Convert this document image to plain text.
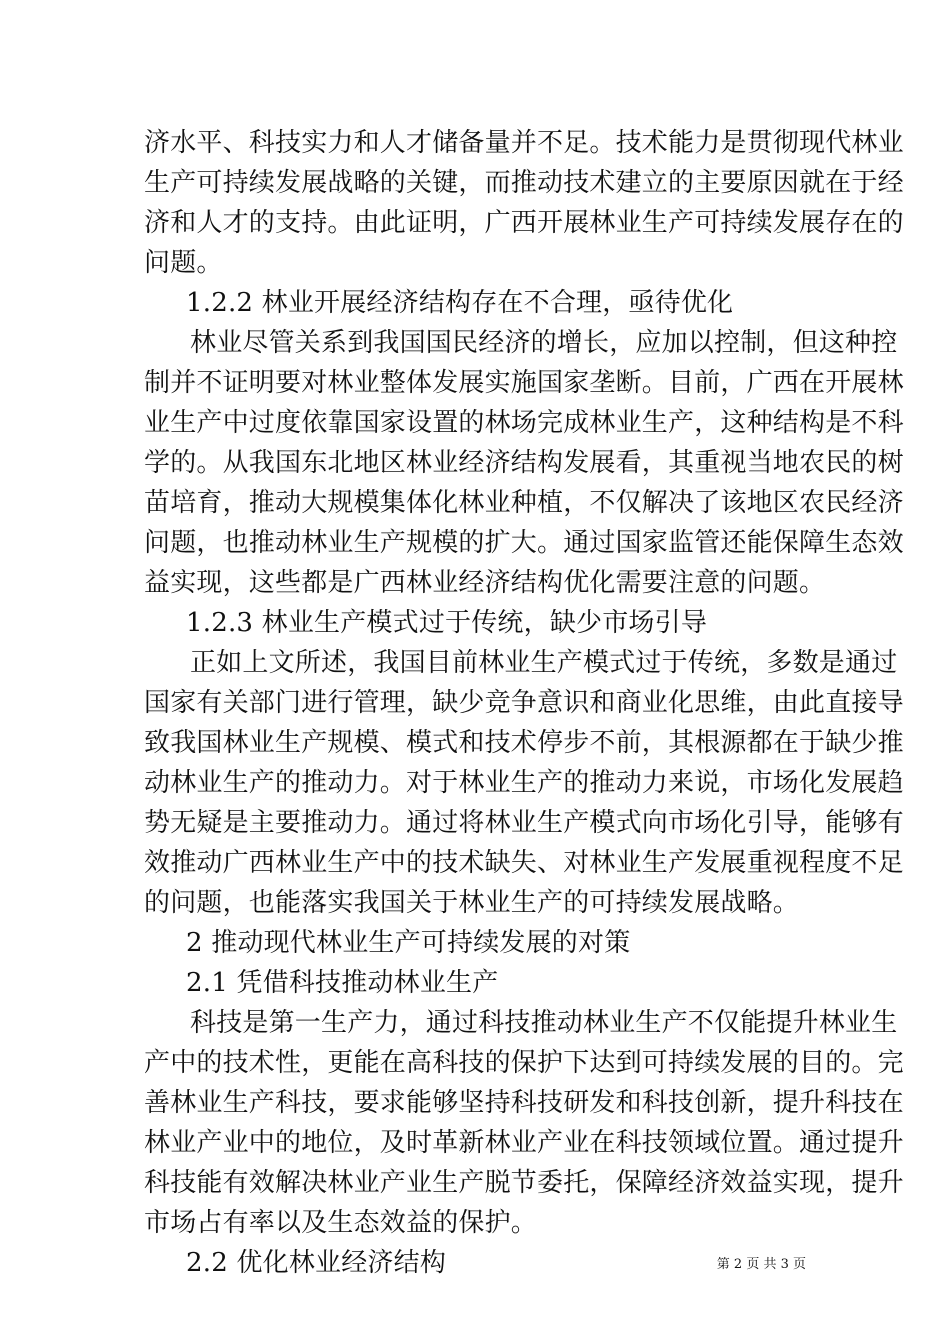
济水平、科技实力和人才储备量并不足。技术能力是贯彻现代林业
生产可持续发展战略的关键，而推动技术建立的主要原因就在于经
济和人才的支持。由此证明，广西开展林业生产可持续发展存在的
问题。
1.2.2 林业开展经济结构存在不合理，亟待优化
林业尽管关系到我国国民经济的增长，应加以控制，但这种控
制并不证明要对林业整体发展实施国家垄断。目前，广西在开展林
业生产中过度依靠国家设置的林场完成林业生产，这种结构是不科
学的。从我国东北地区林业经济结构发展看，其重视当地农民的树
苗培育，推动大规模集体化林业种植，不仅解决了该地区农民经济
问题，也推动林业生产规模的扩大。通过国家监管还能保障生态效
益实现，这些都是广西林业经济结构优化需要注意的问题。
1.2.3 林业生产模式过于传统，缺少市场引导
正如上文所述，我国目前林业生产模式过于传统，多数是通过
国家有关部门进行管理，缺少竞争意识和商业化思维，由此直接导
致我国林业生产规模、模式和技术停步不前，其根源都在于缺少推
动林业生产的推动力。对于林业生产的推动力来说，市场化发展趋
势无疑是主要推动力。通过将林业生产模式向市场化引导，能够有
效推动广西林业生产中的技术缺失、对林业生产发展重视程度不足
的问题，也能落实我国关于林业生产的可持续发展战略。
2 推动现代林业生产可持续发展的对策
2.1 凭借科技推动林业生产
科技是第一生产力，通过科技推动林业生产不仅能提升林业生
产中的技术性，更能在高科技的保护下达到可持续发展的目的。完
善林业生产科技，要求能够坚持科技研发和科技创新，提升科技在
林业产业中的地位，及时革新林业产业在科技领域位置。通过提升
科技能有效解决林业产业生产脱节委托，保障经济效益实现，提升
市场占有率以及生态效益的保护。
2.2 优化林业经济结构	第 2 页 共 3 页
